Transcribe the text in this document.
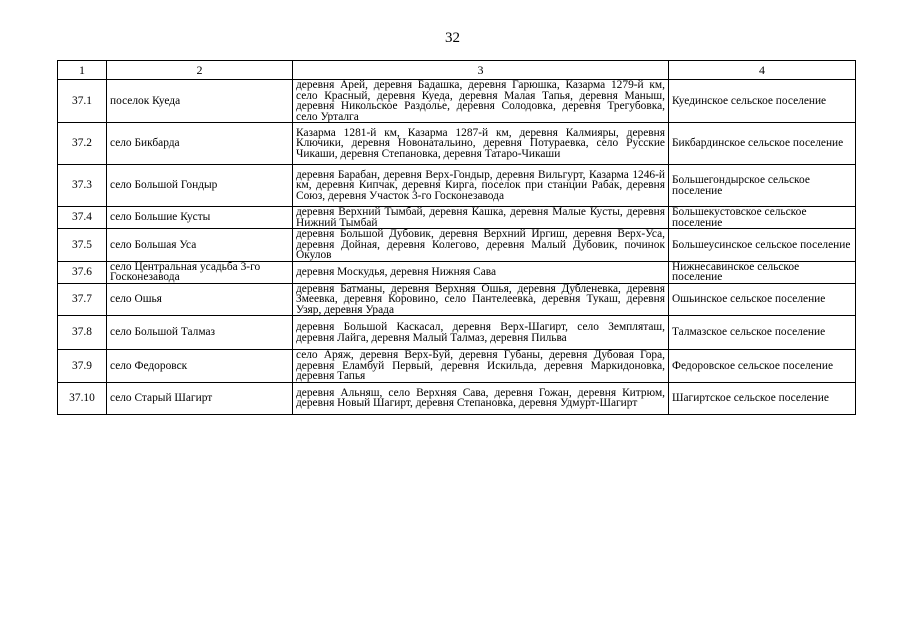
32
1	2	3	4
37.1	поселок Куеда	деревня Арей, деревня Бадашка, деревня Гарюшка, Казарма 1279-й км, село Красный, деревня Куеда, деревня Малая Тапья, деревня Маныш, деревня Никольское Раздолье, деревня Солодовка, деревня Трегубовка, село Урталга	Куединское сельское поселение
37.2	село Бикбарда	Казарма 1281-й км, Казарма 1287-й км, деревня Калмияры, деревня Ключики, деревня Новонатальино, деревня Потураевка, село Русские Чикаши, деревня Степановка, деревня Татаро-Чикаши	Бикбардинское сельское поселение
37.3	село Большой Гондыр	деревня Барабан, деревня Верх-Гондыр, деревня Вильгурт, Казарма 1246-й км, деревня Кипчак, деревня Кирга, поселок при станции Рабак, деревня Союз, деревня Участок 3-го Госконезавода	Большегондырское сельское поселение
37.4	село Большие Кусты	деревня Верхний Тымбай, деревня Кашка, деревня Малые Кусты, деревня Нижний Тымбай	Большекустовское сельское поселение
37.5	село Большая Уса	деревня Большой Дубовик, деревня Верхний Иргиш, деревня Верх-Уса, деревня Дойная, деревня Колегово, деревня Малый Дубовик, починок Окулов	Большеусинское сельское поселение
37.6	село Центральная усадьба 3-го Госконезавода	деревня Москудья, деревня Нижняя Сава	Нижнесавинское сельское поселение
37.7	село Ошья	деревня Батманы, деревня Верхняя Ошья, деревня Дубленевка, деревня Змеевка, деревня Коровино, село Пантелеевка, деревня Тукаш, деревня Узяр, деревня Урада	Ошьинское сельское поселение
37.8	село Большой Талмаз	деревня Большой Каскасал, деревня Верх-Шагирт, село Земпляташ, деревня Лайга, деревня Малый Талмаз, деревня Пильва	Талмазское сельское поселение
37.9	село Федоровск	село Аряж, деревня Верх-Буй, деревня Губаны, деревня Дубовая Гора, деревня Еламбуй Первый, деревня Искильда, деревня Маркидоновка, деревня Тапья	Федоровское сельское поселение
37.10	село Старый Шагирт	деревня Альняш, село Верхняя Сава, деревня Гожан, деревня Китрюм, деревня Новый Шагирт, деревня Степановка, деревня Удмурт-Шагирт	Шагиртское сельское поселение
